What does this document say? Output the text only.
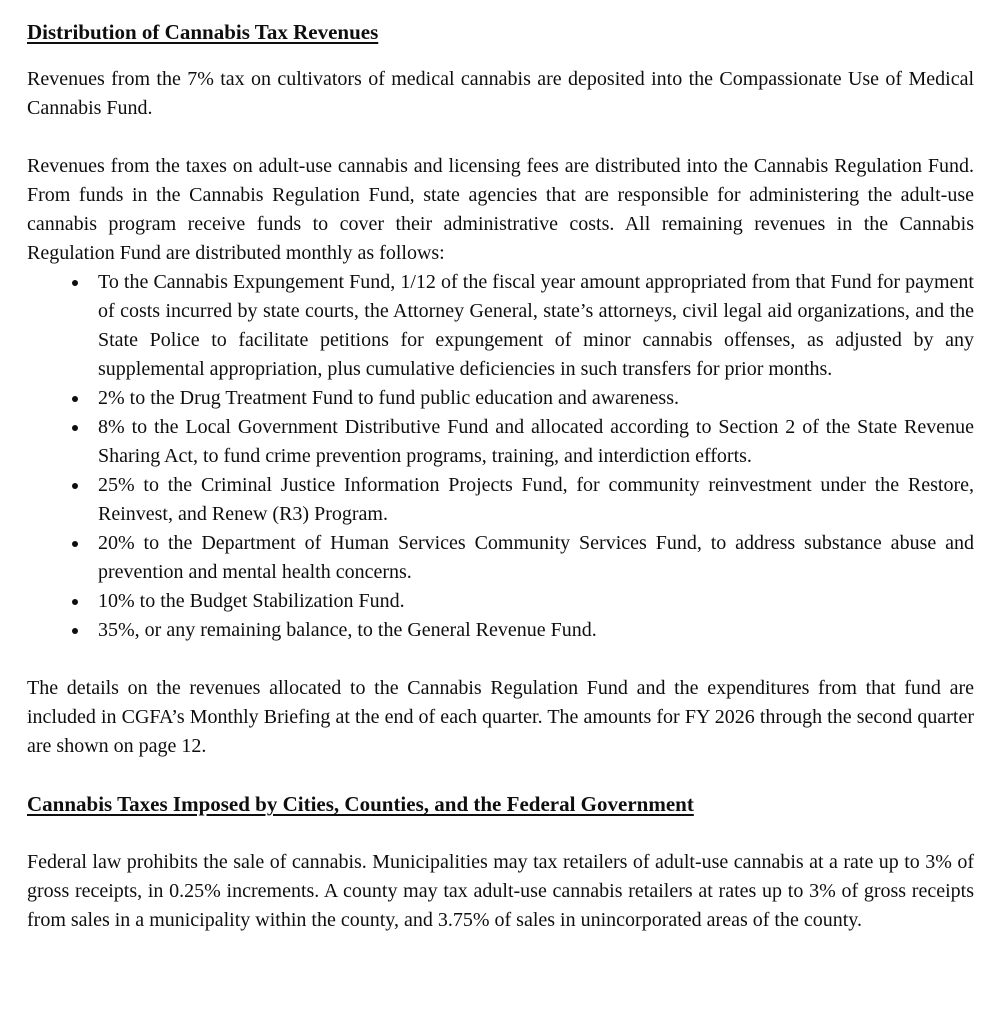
Distribution of Cannabis Tax Revenues

Revenues from the 7% tax on cultivators of medical cannabis are deposited into the Compassionate Use of Medical Cannabis Fund.

Revenues from the taxes on adult-use cannabis and licensing fees are distributed into the Cannabis Regulation Fund. From funds in the Cannabis Regulation Fund, state agencies that are responsible for administering the adult-use cannabis program receive funds to cover their administrative costs. All remaining revenues in the Cannabis Regulation Fund are distributed monthly as follows:

• To the Cannabis Expungement Fund, 1/12 of the fiscal year amount appropriated from that Fund for payment of costs incurred by state courts, the Attorney General, state’s attorneys, civil legal aid organizations, and the State Police to facilitate petitions for expungement of minor cannabis offenses, as adjusted by any supplemental appropriation, plus cumulative deficiencies in such transfers for prior months.
• 2% to the Drug Treatment Fund to fund public education and awareness.
• 8% to the Local Government Distributive Fund and allocated according to Section 2 of the State Revenue Sharing Act, to fund crime prevention programs, training, and interdiction efforts.
• 25% to the Criminal Justice Information Projects Fund, for community reinvestment under the Restore, Reinvest, and Renew (R3) Program.
• 20% to the Department of Human Services Community Services Fund, to address substance abuse and prevention and mental health concerns.
• 10% to the Budget Stabilization Fund.
• 35%, or any remaining balance, to the General Revenue Fund.

The details on the revenues allocated to the Cannabis Regulation Fund and the expenditures from that fund are included in CGFA’s Monthly Briefing at the end of each quarter. The amounts for FY 2026 through the second quarter are shown on page 12.

Cannabis Taxes Imposed by Cities, Counties, and the Federal Government

Federal law prohibits the sale of cannabis. Municipalities may tax retailers of adult-use cannabis at a rate up to 3% of gross receipts, in 0.25% increments. A county may tax adult-use cannabis retailers at rates up to 3% of gross receipts from sales in a municipality within the county, and 3.75% of sales in unincorporated areas of the county.
